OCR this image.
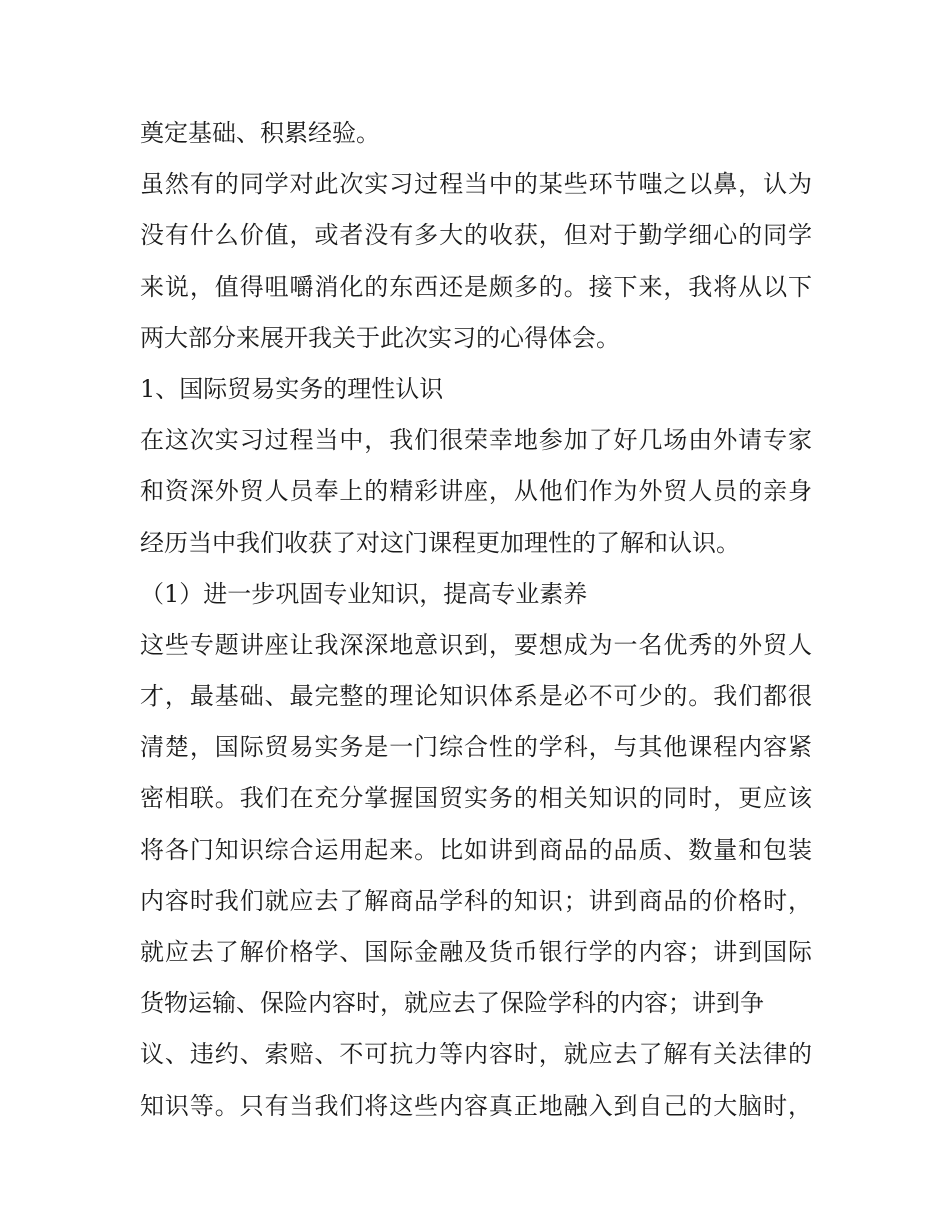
奠定基础、积累经验。
虽然有的同学对此次实习过程当中的某些环节嗤之以鼻，认为
没有什么价值，或者没有多大的收获，但对于勤学细心的同学
来说，值得咀嚼消化的东西还是颇多的。接下来，我将从以下
两大部分来展开我关于此次实习的心得体会。
1、国际贸易实务的理性认识
在这次实习过程当中，我们很荣幸地参加了好几场由外请专家
和资深外贸人员奉上的精彩讲座，从他们作为外贸人员的亲身
经历当中我们收获了对这门课程更加理性的了解和认识。
（1）进一步巩固专业知识，提高专业素养
这些专题讲座让我深深地意识到，要想成为一名优秀的外贸人
才，最基础、最完整的理论知识体系是必不可少的。我们都很
清楚，国际贸易实务是一门综合性的学科，与其他课程内容紧
密相联。我们在充分掌握国贸实务的相关知识的同时，更应该
将各门知识综合运用起来。比如讲到商品的品质、数量和包装
内容时我们就应去了解商品学科的知识；讲到商品的价格时，
就应去了解价格学、国际金融及货币银行学的内容；讲到国际
货物运输、保险内容时，就应去了保险学科的内容；讲到争
议、违约、索赔、不可抗力等内容时，就应去了解有关法律的
知识等。只有当我们将这些内容真正地融入到自己的大脑时，
